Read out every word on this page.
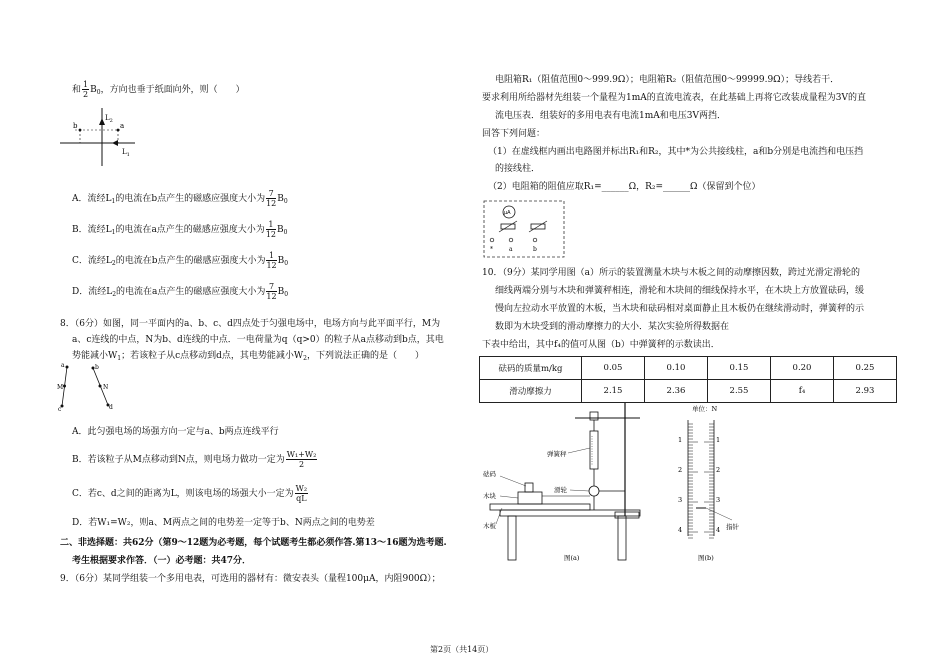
和 $\frac{1}{2} B_0$，方向也垂于纸面向外，则（　　）
b	a
$L_2$
$L_1$
A．流经$L_1$的电流在b点产生的磁感应强度大小为 $\frac{7}{12} B_0$
B．流经$L_1$的电流在a点产生的磁感应强度大小为 $\frac{1}{12} B_0$
C．流经$L_2$的电流在b点产生的磁感应强度大小为 $\frac{1}{12} B_0$
D．流经$L_2$的电流在a点产生的磁感应强度大小为 $\frac{7}{12} B_0$
8．（6分）如图，同一平面内的a、b、c、d四点处于匀强电场中，电场方向与此平面平行，M为
a、c连线的中点，N为b、d连线的中点．一电荷量为q（q>0）的粒子从a点移动到b点，其电
势能减小$W_1$；若该粒子从c点移动到d点，其电势能减小$W_2$，下列说法正确的是（　　）
a	b
M	N
c	d
A．此匀强电场的场强方向一定与a、b两点连线平行
B．若该粒子从M点移动到N点，则电场力做功一定为 $\frac{\text{W₁+W₂}}{2}$
C．若c、d之间的距离为L，则该电场的场强大小一定为 $\frac{\text{W₂}}{qL}$
D．若W₁=W₂，则a、M两点之间的电势差一定等于b、N两点之间的电势差
二、非选择题：共62分（第9～12题为必考题，每个试题考生都必须作答.第13～16题为选考题.
考生根据要求作答．（一）必考题：共47分．
9．（6分）某同学组装一个多用电表，可选用的器材有：微安表头（量程100μA，内阻900Ω）；
电阻箱R₁（阻值范围0～999.9Ω）；电阻箱R₂（阻值范围0～99999.9Ω）；导线若干．
要求利用所给器材先组装一个量程为1mA的直流电流表，在此基础上再将它改装成量程为3V的直
流电压表．组装好的多用电表有电流1mA和电压3V两挡．
回答下列问题：
（1）在虚线框内画出电路图并标出R₁和R₂，其中*为公共接线柱，a和b分别是电流挡和电压挡
的接线柱．
（2）电阻箱的阻值应取R₁=______Ω，R₂=______Ω（保留到个位）
μA
*	a	b
10．（9分）某同学用图（a）所示的装置测量木块与木板之间的动摩擦因数，跨过光滑定滑轮的
细线两端分别与木块和弹簧秤相连，滑轮和木块间的细线保持水平，在木块上方放置砝码，缓
慢向左拉动水平放置的木板，当木块和砝码相对桌面静止且木板仍在继续滑动时，弹簧秤的示
数即为木块受到的滑动摩擦力的大小．某次实验所得数据在
下表中给出，其中f₄的值可从图（b）中弹簧秤的示数读出．
砝码的质量m/kg	0.05	0.10	0.15	0.20	0.25
滑动摩擦力	2.15	2.36	2.55	f₄	2.93
弹簧秤
滑轮
砝码
木块
木板
图(a)
单位：N
1
2
3
4
1
2
3
4 指针
图(b)
第2页（共14页）
